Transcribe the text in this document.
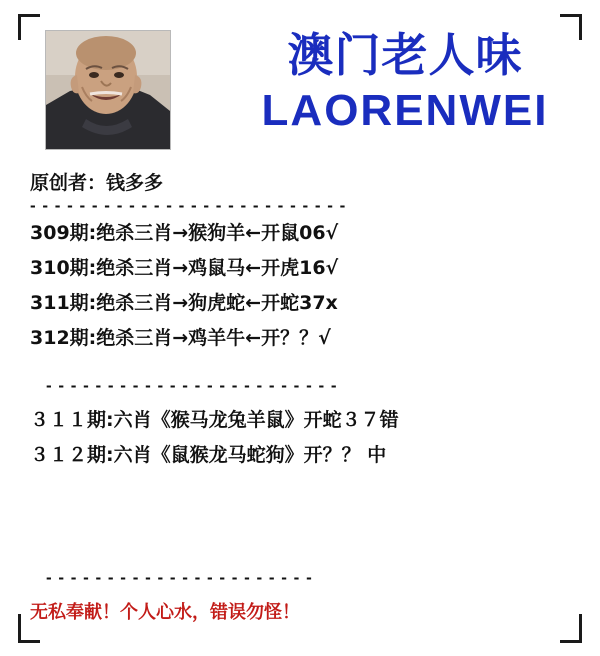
澳门老人味
LAORENWEI
原创者：钱多多
- - - - - - - - - - - - - - - - - - - - - - - - - -
309期:绝杀三肖→猴狗羊←开鼠06√
310期:绝杀三肖→鸡鼠马←开虎16√
311期:绝杀三肖→狗虎蛇←开蛇37x
312期:绝杀三肖→鸡羊牛←开？？√
- - - - - - - - - - - - - - - - - - - - - - - -
３１１期:六肖《猴马龙兔羊鼠》开蛇３７错
３１２期:六肖《鼠猴龙马蛇狗》开？？ 中
- - - - - - - - - - - - - - - - - - - - - -
无私奉献！个人心水，错误勿怪！
